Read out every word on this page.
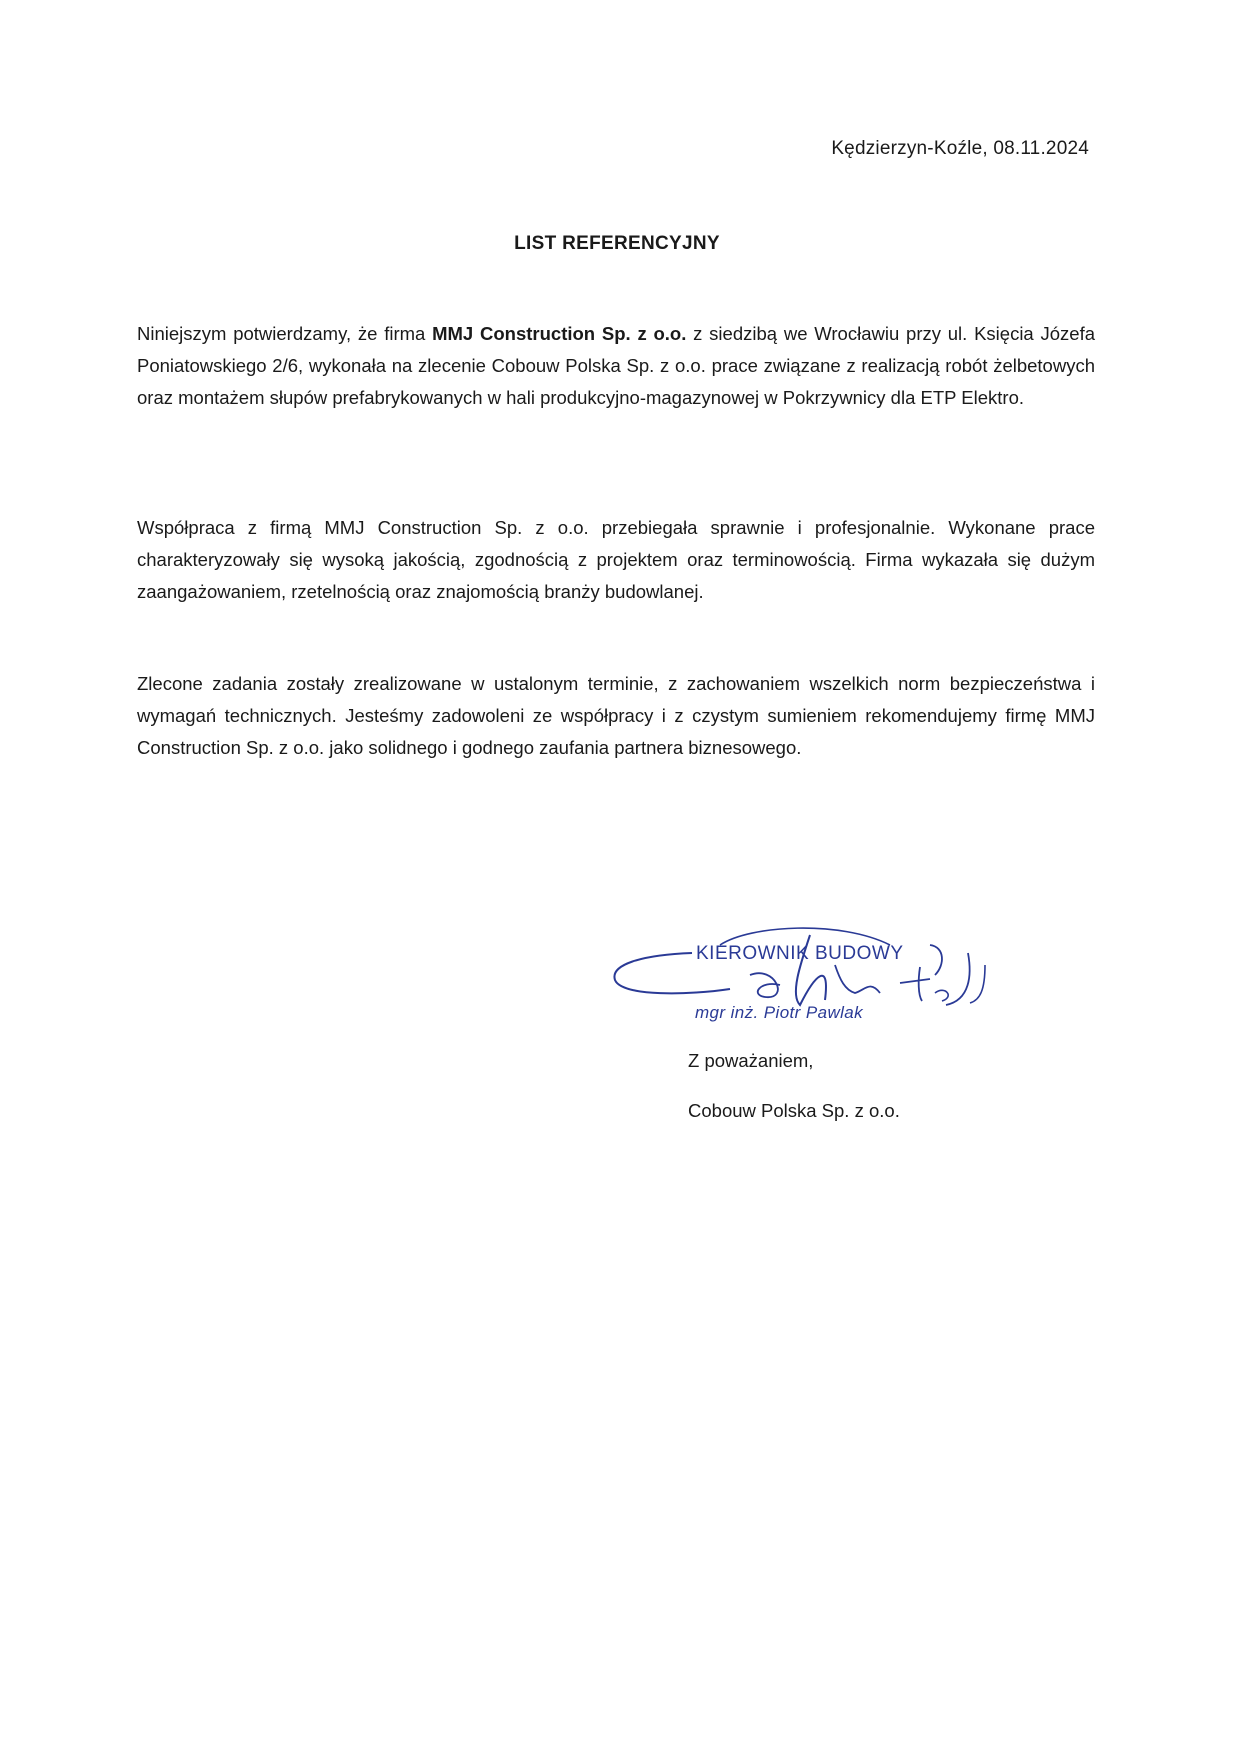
Kędzierzyn-Koźle, 08.11.2024
LIST REFERENCYJNY
Niniejszym potwierdzamy, że firma MMJ Construction Sp. z o.o. z siedzibą we Wrocławiu przy ul. Księcia Józefa Poniatowskiego 2/6, wykonała na zlecenie Cobouw Polska Sp. z o.o. prace związane z realizacją robót żelbetowych oraz montażem słupów prefabrykowanych w hali produkcyjno-magazynowej w Pokrzywnicy dla ETP Elektro.
Współpraca z firmą MMJ Construction Sp. z o.o. przebiegała sprawnie i profesjonalnie. Wykonane prace charakteryzowały się wysoką jakością, zgodnością z projektem oraz terminowością. Firma wykazała się dużym zaangażowaniem, rzetelnością oraz znajomością branży budowlanej.
Zlecone zadania zostały zrealizowane w ustalonym terminie, z zachowaniem wszelkich norm bezpieczeństwa i wymagań technicznych. Jesteśmy zadowoleni ze współpracy i z czystym sumieniem rekomendujemy firmę MMJ Construction Sp. z o.o. jako solidnego i godnego zaufania partnera biznesowego.
KIEROWNIK BUDOWY
mgr inż. Piotr Pawlak
Z poważaniem,
Cobouw Polska Sp. z o.o.
